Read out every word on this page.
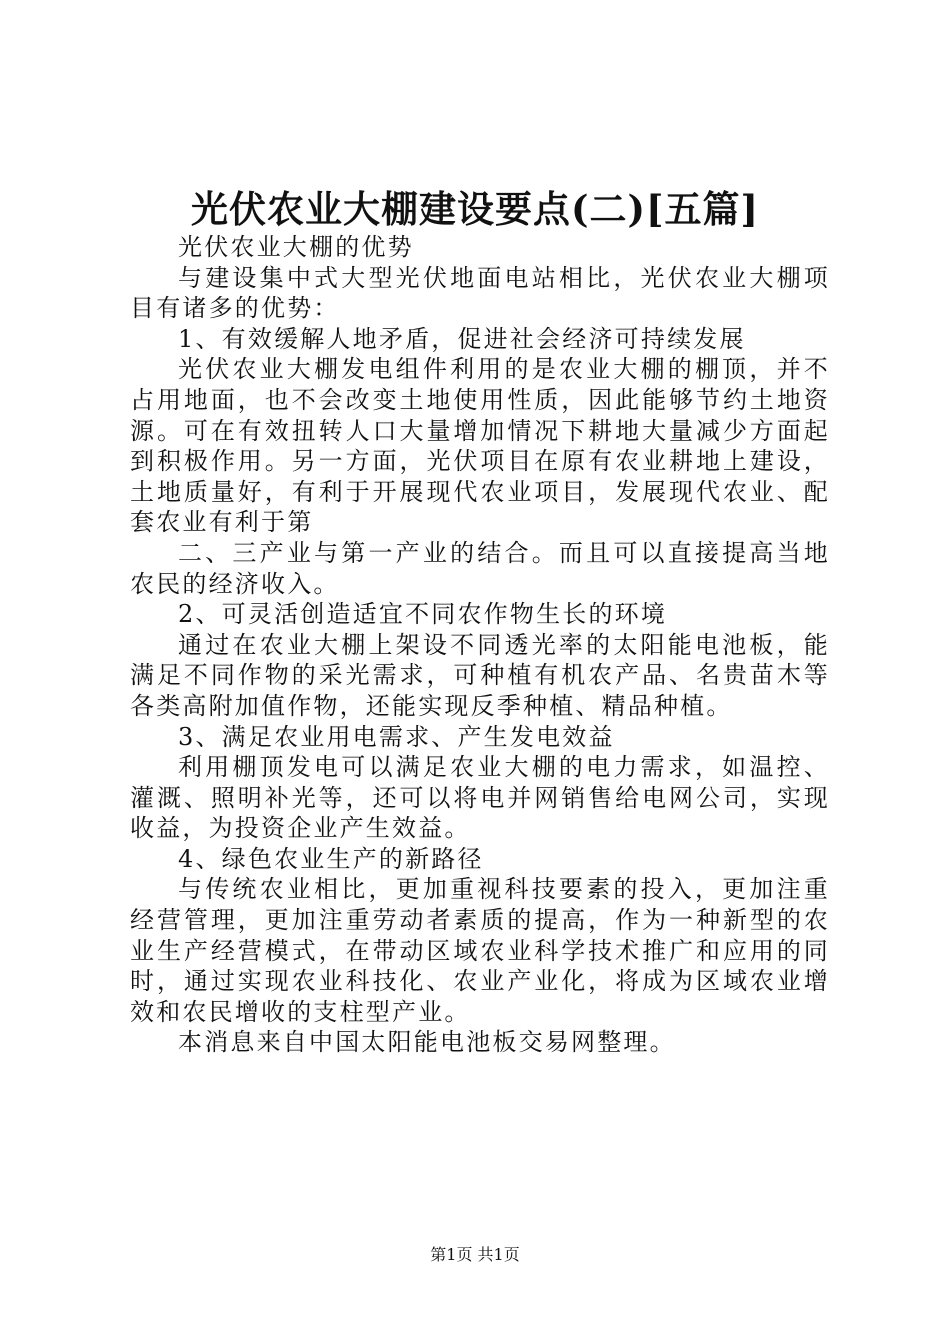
光伏农业大棚建设要点(二)[五篇]

光伏农业大棚的优势

与建设集中式大型光伏地面电站相比，光伏农业大棚项目有诸多的优势：

1、有效缓解人地矛盾，促进社会经济可持续发展

光伏农业大棚发电组件利用的是农业大棚的棚顶，并不占用地面，也不会改变土地使用性质，因此能够节约土地资源。可在有效扭转人口大量增加情况下耕地大量减少方面起到积极作用。另一方面，光伏项目在原有农业耕地上建设，土地质量好，有利于开展现代农业项目，发展现代农业、配套农业有利于第

二、三产业与第一产业的结合。而且可以直接提高当地农民的经济收入。

2、可灵活创造适宜不同农作物生长的环境

通过在农业大棚上架设不同透光率的太阳能电池板，能满足不同作物的采光需求，可种植有机农产品、名贵苗木等各类高附加值作物，还能实现反季种植、精品种植。

3、满足农业用电需求、产生发电效益

利用棚顶发电可以满足农业大棚的电力需求，如温控、灌溉、照明补光等，还可以将电并网销售给电网公司，实现收益，为投资企业产生效益。

4、绿色农业生产的新路径

与传统农业相比，更加重视科技要素的投入，更加注重经营管理，更加注重劳动者素质的提高，作为一种新型的农业生产经营模式，在带动区域农业科学技术推广和应用的同时，通过实现农业科技化、农业产业化，将成为区域农业增效和农民增收的支柱型产业。

本消息来自中国太阳能电池板交易网整理。

第1页 共1页
